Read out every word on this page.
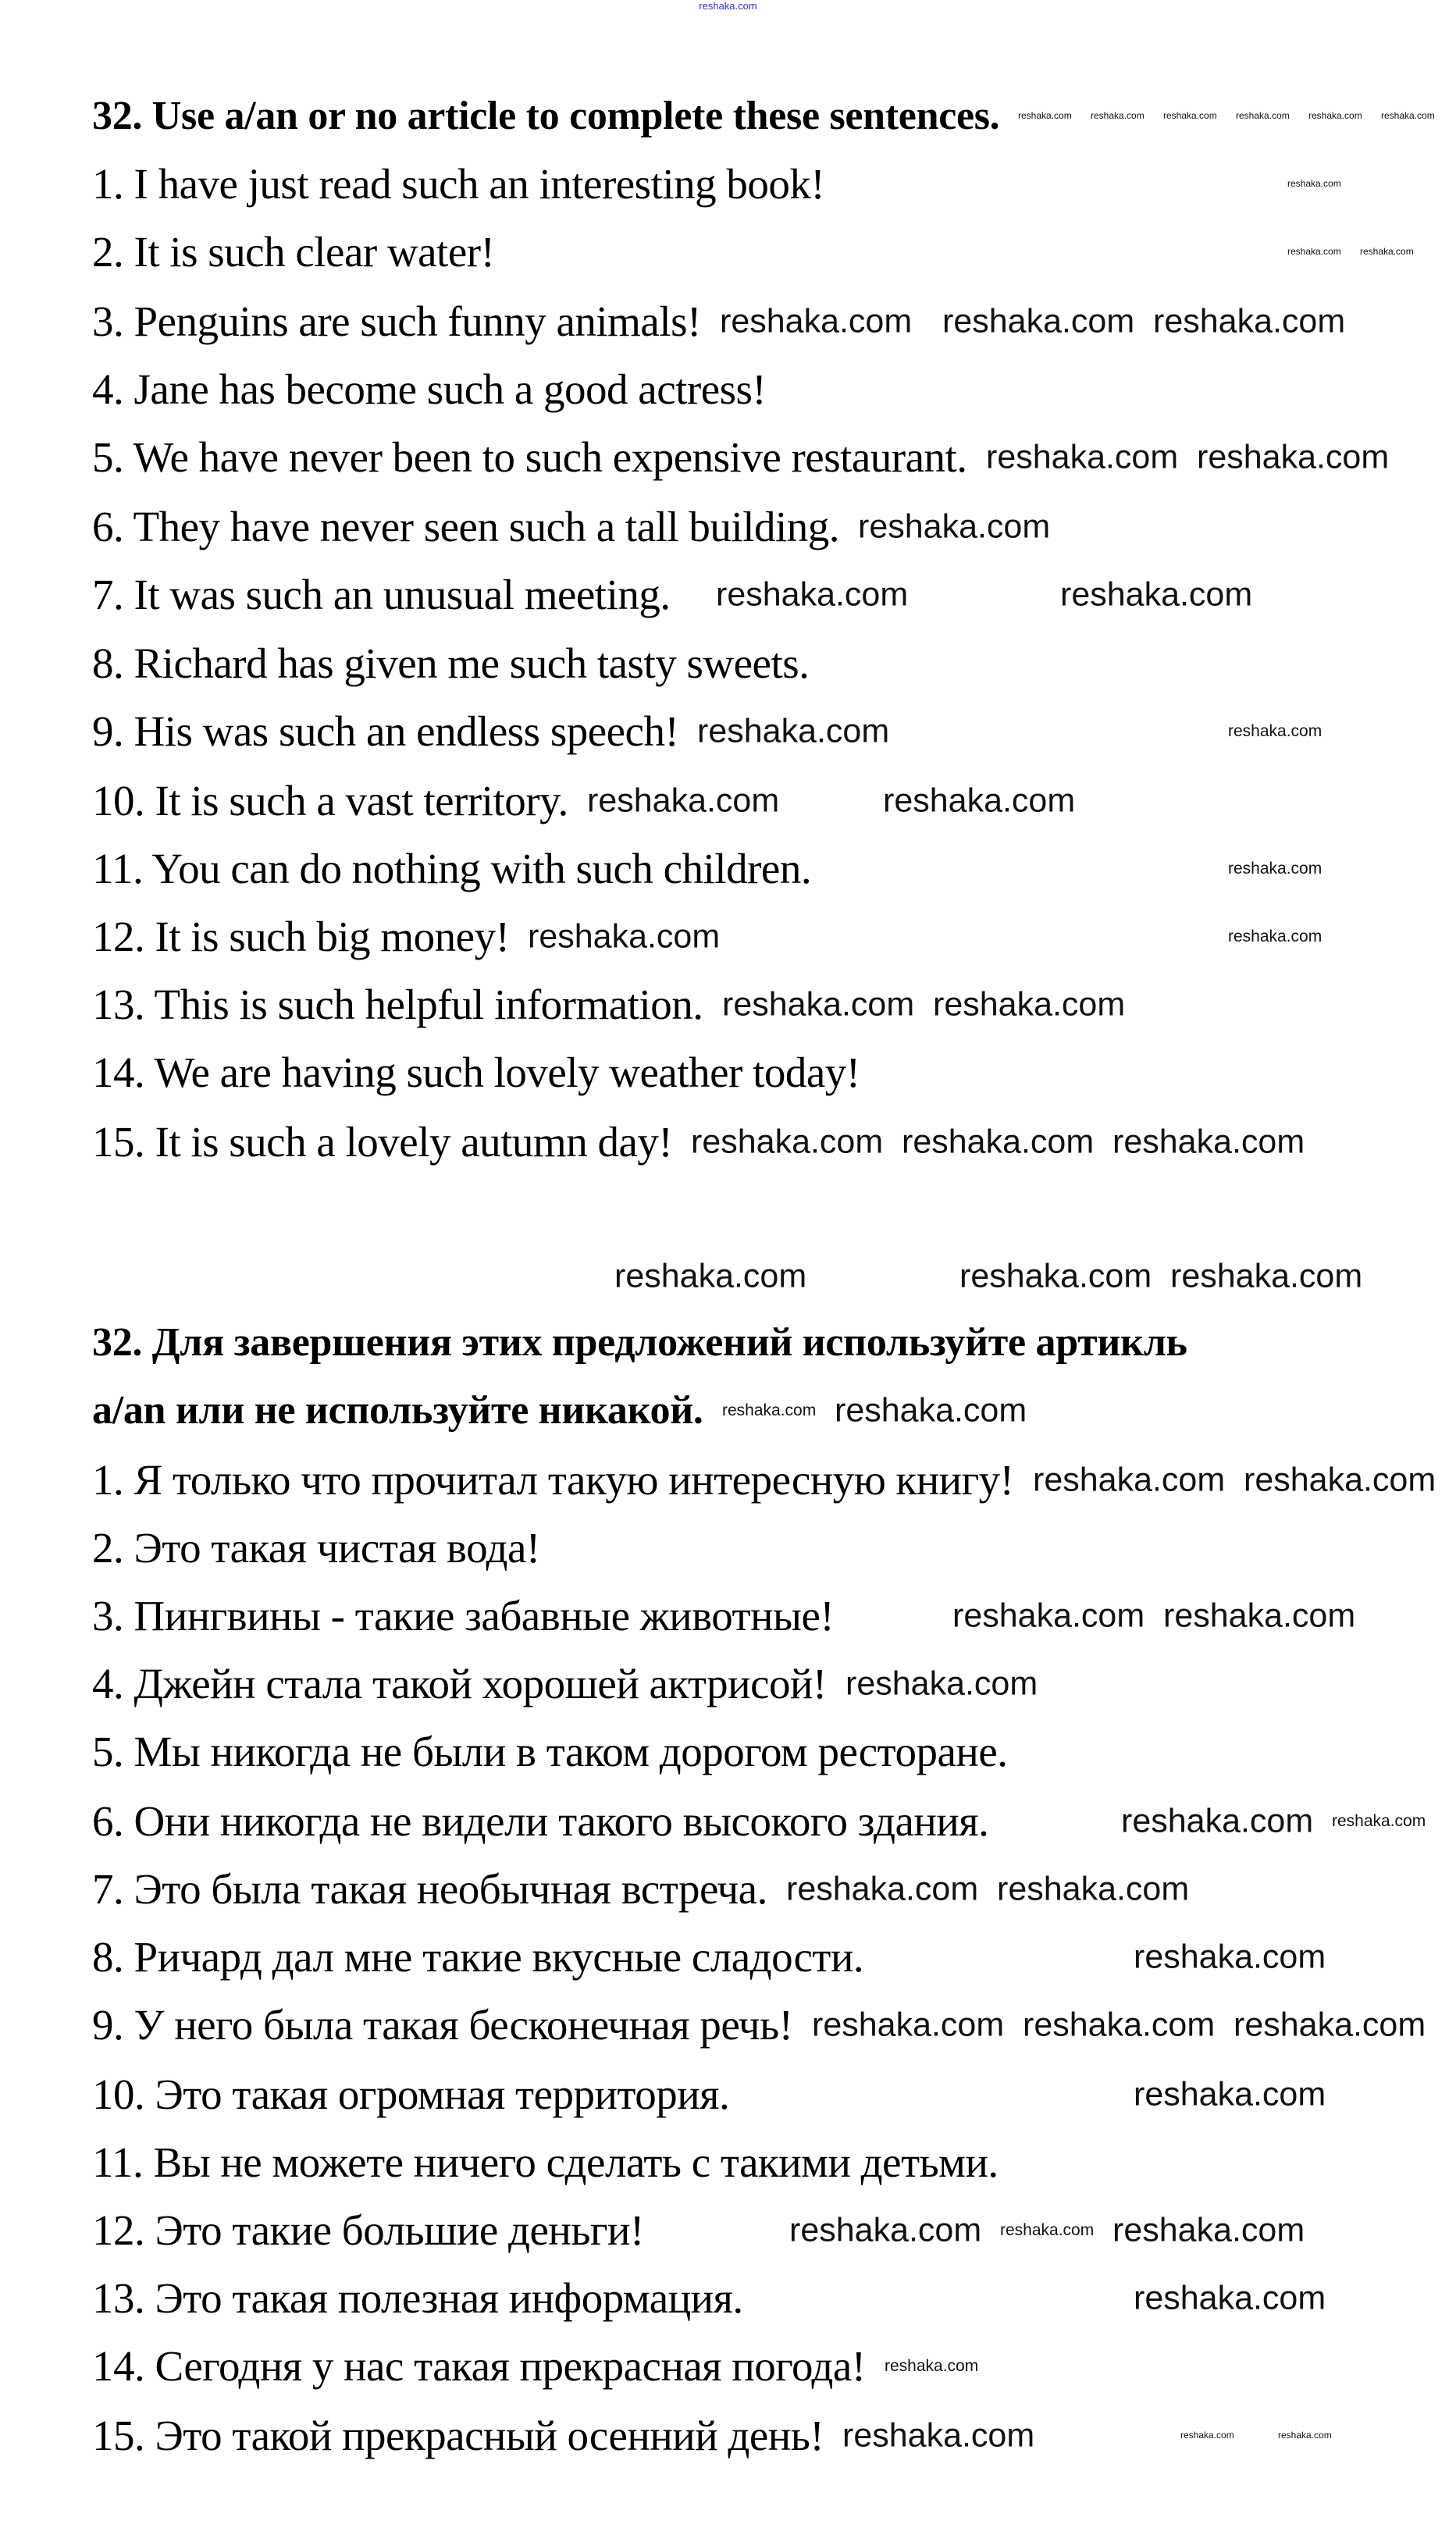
reshaka.com
32. Use a/an or no article to complete these sentences.
1. I have just read such an interesting book!
2. It is such clear water!
3. Penguins are such funny animals!
4. Jane has become such a good actress!
5. We have never been to such expensive restaurant.
6. They have never seen such a tall building.
7. It was such an unusual meeting.
8. Richard has given me such tasty sweets.
9. His was such an endless speech!
10. It is such a vast territory.
11. You can do nothing with such children.
12. It is such big money!
13. This is such helpful information.
14. We are having such lovely weather today!
15. It is such a lovely autumn day!
32. Для завершения этих предложений используйте артикль
a/an или не используйте никакой.
1. Я только что прочитал такую интересную книгу!
2. Это такая чистая вода!
3. Пингвины - такие забавные животные!
4. Джейн стала такой хорошей актрисой!
5. Мы никогда не были в таком дорогом ресторане.
6. Они никогда не видели такого высокого здания.
7. Это была такая необычная встреча.
8. Ричард дал мне такие вкусные сладости.
9. У него была такая бесконечная речь!
10. Это такая огромная территория.
11. Вы не можете ничего сделать с такими детьми.
12. Это такие большие деньги!
13. Это такая полезная информация.
14. Сегодня у нас такая прекрасная погода!
15. Это такой прекрасный осенний день!
reshaka.com reshaka.com reshaka.com
reshaka.com reshaka.com
reshaka.com
reshaka.com	reshaka.com
reshaka.com
reshaka.com	reshaka.com
reshaka.com
reshaka.com reshaka.com
reshaka.com reshaka.com reshaka.com
reshaka.com
reshaka.com	reshaka.com
reshaka.com
reshaka.com reshaka.com
reshaka.com reshaka.com
reshaka.com
reshaka.com
reshaka.com reshaka.com
reshaka.com
reshaka.com reshaka.com reshaka.com
reshaka.com
reshaka.com	reshaka.com
reshaka.com
reshaka.com
reshaka.com
reshaka.com
reshaka.com
reshaka.com
reshaka.com
reshaka.com
reshaka.com
reshaka.com reshaka.com reshaka.com reshaka.com reshaka.com reshaka.com
reshaka.com
reshaka.com reshaka.com
reshaka.com	reshaka.com
